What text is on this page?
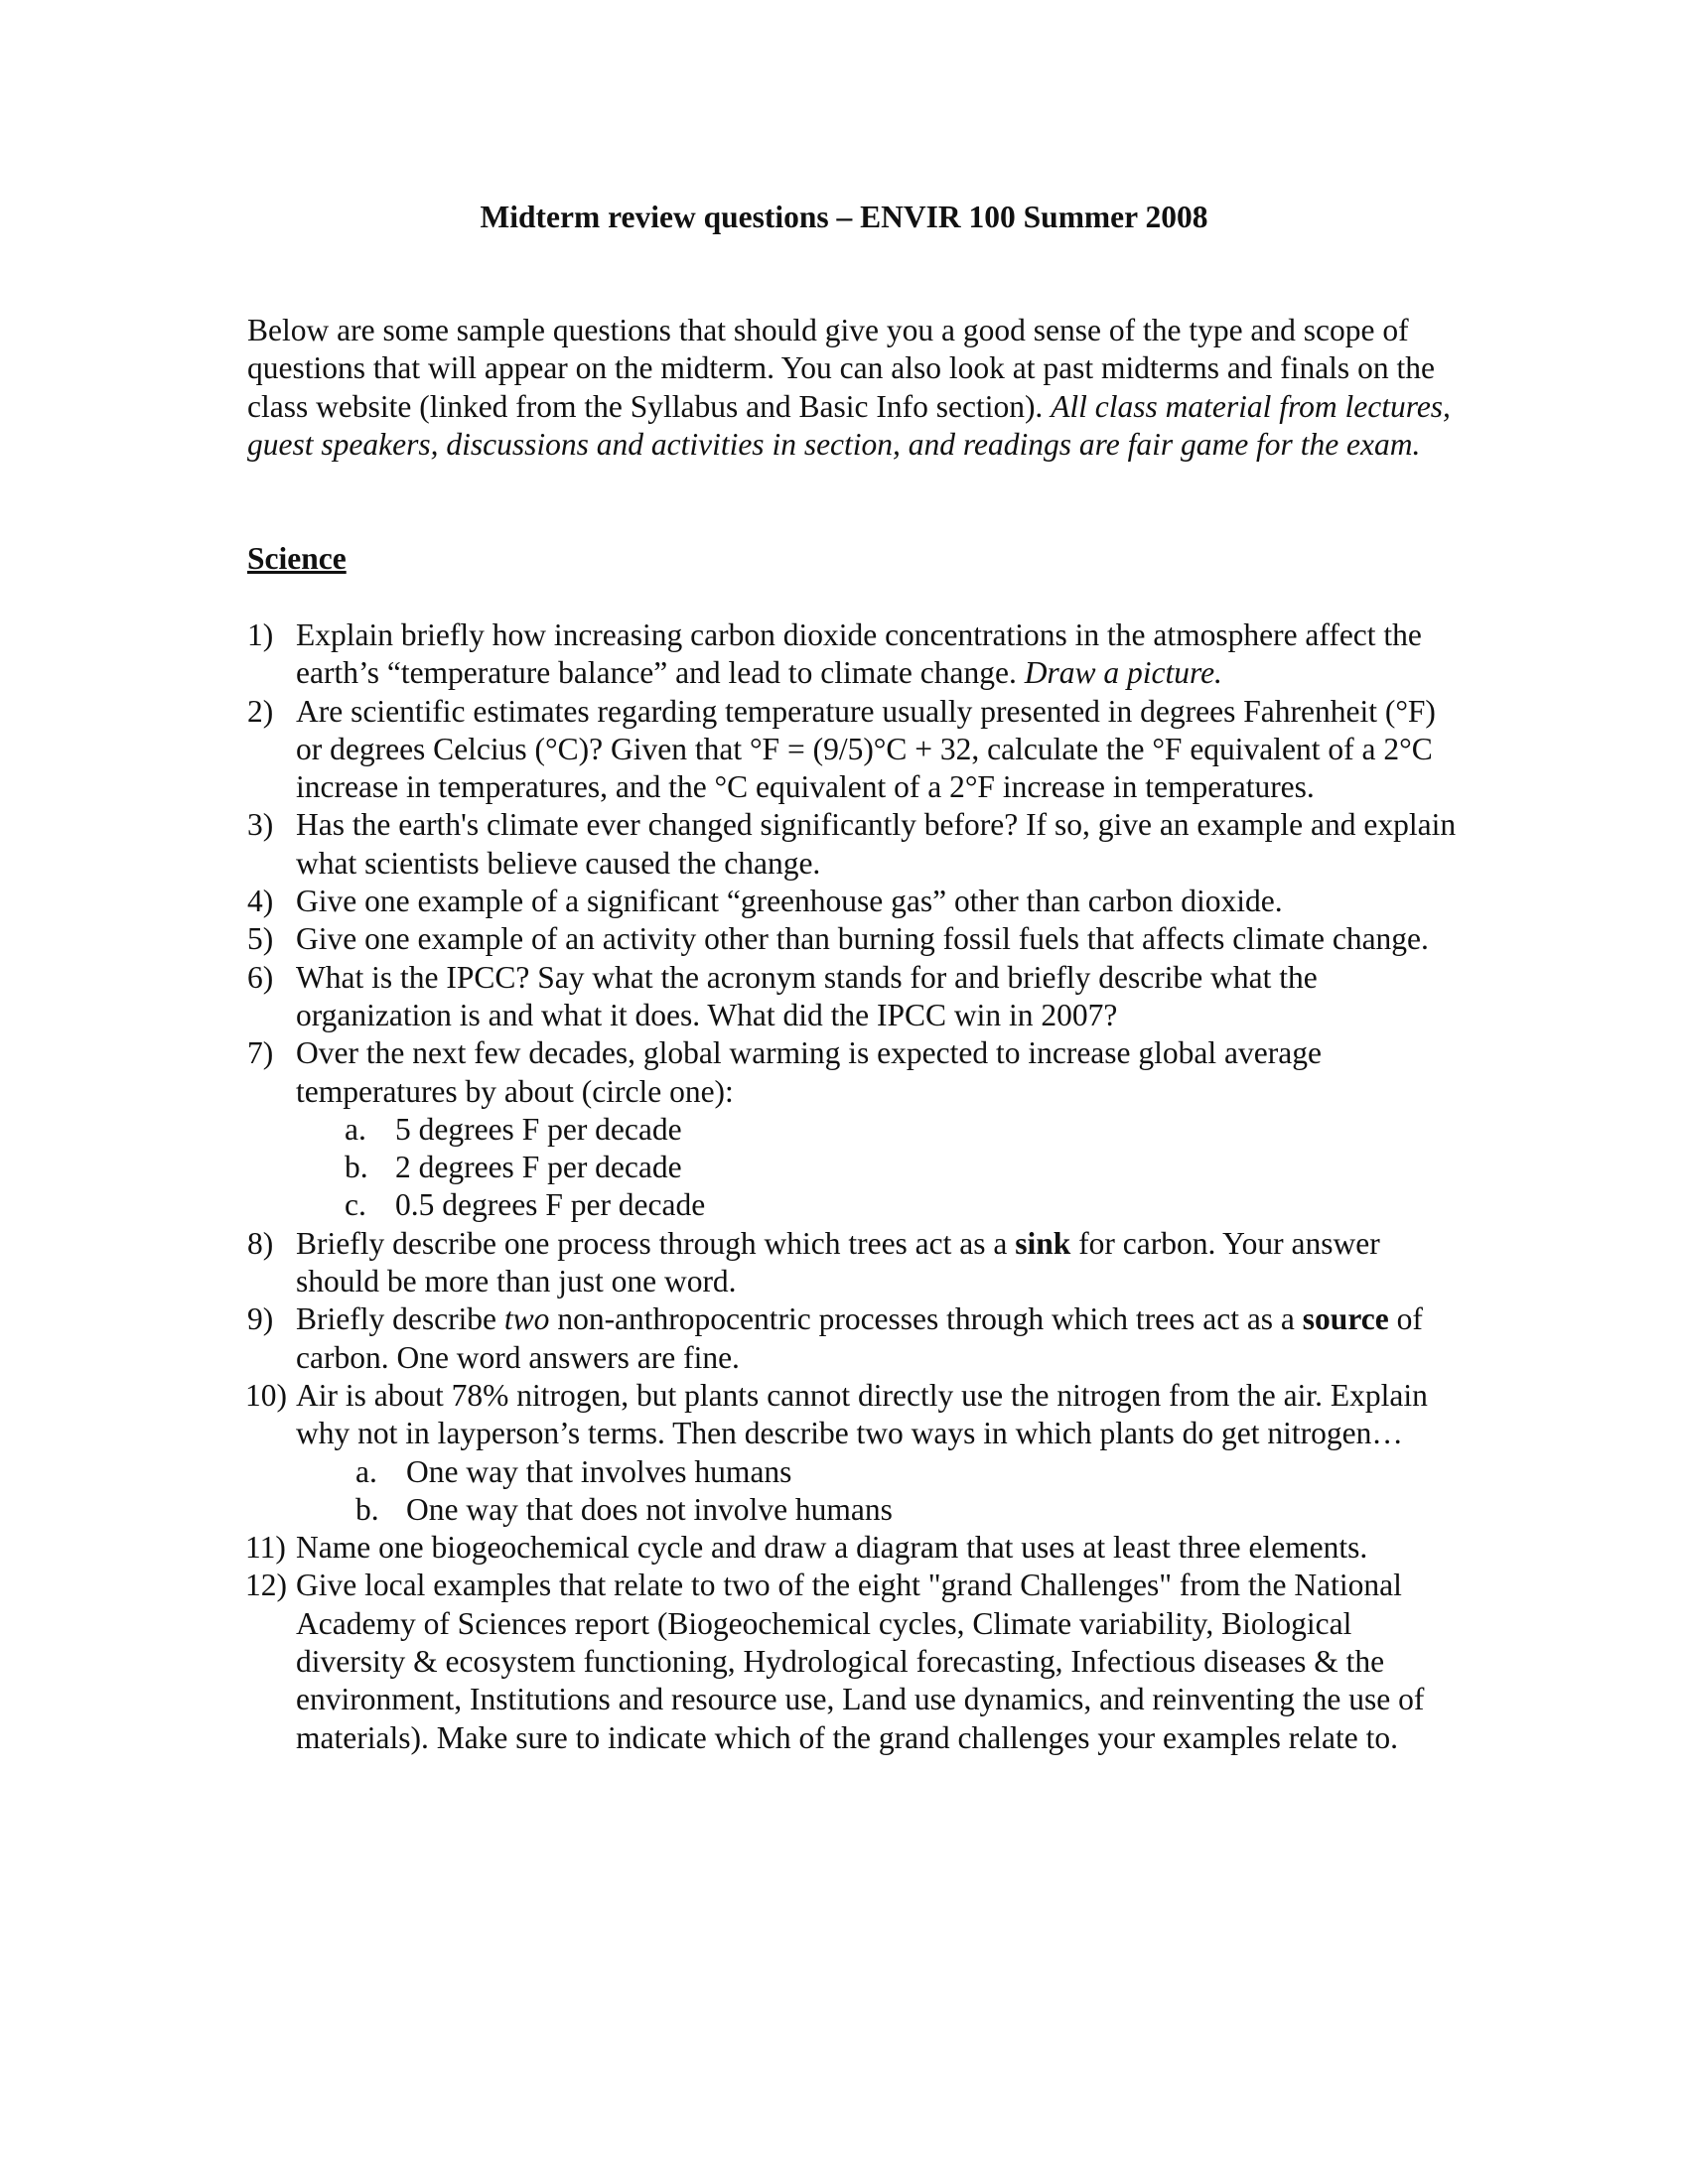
Midterm review questions – ENVIR 100 Summer 2008

Below are some sample questions that should give you a good sense of the type and scope of questions that will appear on the midterm. You can also look at past midterms and finals on the class website (linked from the Syllabus and Basic Info section). All class material from lectures, guest speakers, discussions and activities in section, and readings are fair game for the exam.

Science
1) Explain briefly how increasing carbon dioxide concentrations in the atmosphere affect the earth’s “temperature balance” and lead to climate change. Draw a picture.
2) Are scientific estimates regarding temperature usually presented in degrees Fahrenheit (°F) or degrees Celcius (°C)? Given that °F = (9/5)°C + 32, calculate the °F equivalent of a 2°C increase in temperatures, and the °C equivalent of a 2°F increase in temperatures.
3) Has the earth's climate ever changed significantly before? If so, give an example and explain what scientists believe caused the change.
4) Give one example of a significant “greenhouse gas” other than carbon dioxide.
5) Give one example of an activity other than burning fossil fuels that affects climate change.
6) What is the IPCC? Say what the acronym stands for and briefly describe what the organization is and what it does. What did the IPCC win in 2007?
7) Over the next few decades, global warming is expected to increase global average temperatures by about (circle one):
a. 5 degrees F per decade
b. 2 degrees F per decade
c. 0.5 degrees F per decade
8) Briefly describe one process through which trees act as a sink for carbon. Your answer should be more than just one word.
9) Briefly describe two non-anthropocentric processes through which trees act as a source of carbon. One word answers are fine.
10) Air is about 78% nitrogen, but plants cannot directly use the nitrogen from the air. Explain why not in layperson’s terms. Then describe two ways in which plants do get nitrogen…
a. One way that involves humans
b. One way that does not involve humans
11) Name one biogeochemical cycle and draw a diagram that uses at least three elements.
12) Give local examples that relate to two of the eight "grand Challenges" from the National Academy of Sciences report (Biogeochemical cycles, Climate variability, Biological diversity & ecosystem functioning, Hydrological forecasting, Infectious diseases & the environment, Institutions and resource use, Land use dynamics, and reinventing the use of materials). Make sure to indicate which of the grand challenges your examples relate to.
